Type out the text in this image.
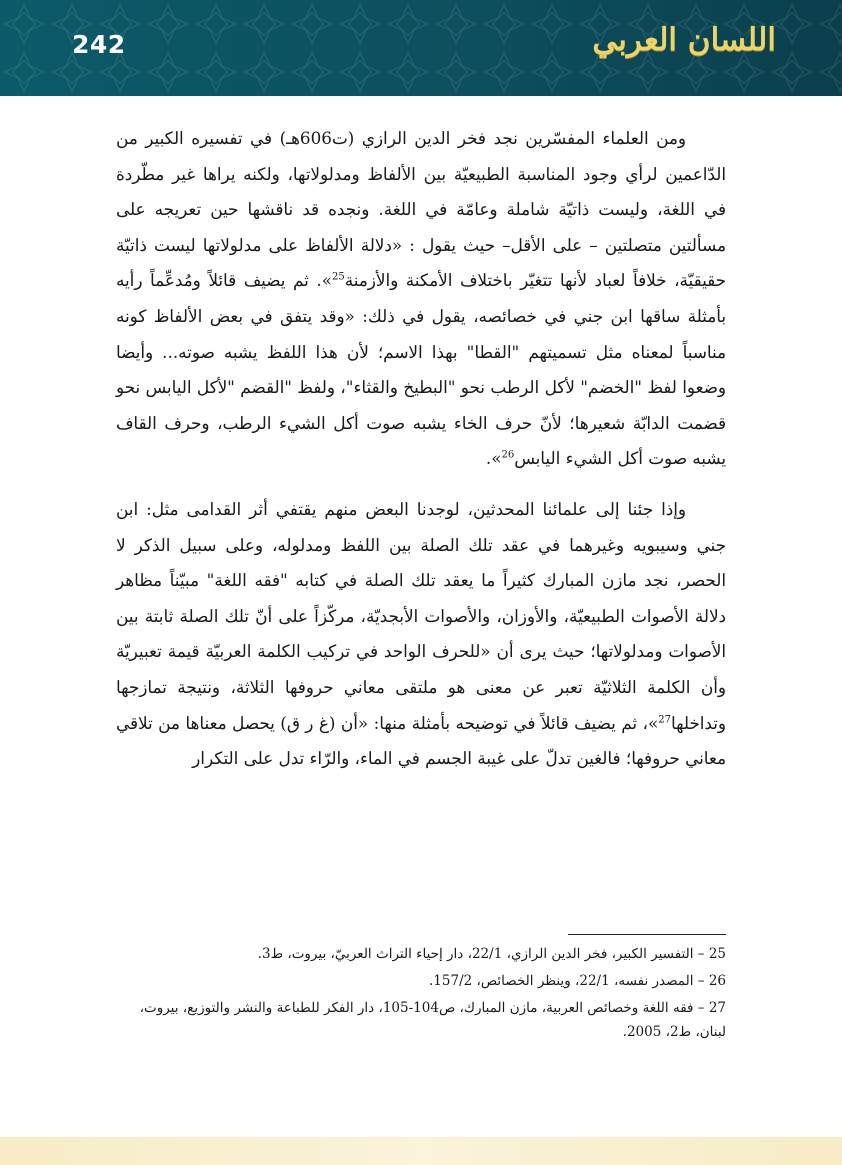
242	اللسان العربي

ومن العلماء المفسّرين نجد فخر الدين الرازي (ت606هـ) في تفسيره الكبير من الدّاعمين لرأي وجود المناسبة الطبيعيّة بين الألفاظ ومدلولاتها، ولكنه يراها غير مطّردة في اللغة، وليست ذاتيّة شاملة وعامّة في اللغة. ونجده قد ناقشها حين تعريجه على مسألتين متصلتين – على الأقل– حيث يقول : «دلالة الألفاظ على مدلولاتها ليست ذاتيّة حقيقيّة، خلافاً لعباد لأنها تتغيّر باختلاف الأمكنة والأزمنة$^{25}$». ثم يضيف قائلاً ومُدعِّماً رأيه بأمثلة ساقها ابن جني في خصائصه، يقول في ذلك: «وقد يتفق في بعض الألفاظ كونه مناسباً لمعناه مثل تسميتهم "القطا" بهذا الاسم؛ لأن هذا اللفظ يشبه صوته... وأيضا وضعوا لفظ "الخضم" لأكل الرطب نحو "البطيخ والقثاء"، ولفظ "القضم "لأكل اليابس نحو قضمت الدابّة شعيرها؛ لأنّ حرف الخاء يشبه صوت أكل الشيء الرطب، وحرف القاف يشبه صوت أكل الشيء اليابس$^{26}$».

وإذا جئنا إلى علمائنا المحدثين، لوجدنا البعض منهم يقتفي أثر القدامى مثل: ابن جني وسيبويه وغيرهما في عقد تلك الصلة بين اللفظ ومدلوله، وعلى سبيل الذكر لا الحصر، نجد مازن المبارك كثيراً ما يعقد تلك الصلة في كتابه "فقه اللغة" مبيّناً مظاهر دلالة الأصوات الطبيعيّة، والأوزان، والأصوات الأبجديّة، مركّزاً على أنّ تلك الصلة ثابتة بين الأصوات ومدلولاتها؛ حيث يرى أن «للحرف الواحد في تركيب الكلمة العربيّة قيمة تعبيريّة وأن الكلمة الثلاثيّة تعبر عن معنى هو ملتقى معاني حروفها الثلاثة، ونتيجة تمازجها وتداخلها$^{27}$»، ثم يضيف قائلاً في توضيحه بأمثلة منها: «أن (غ ر ق) يحصل معناها من تلاقي معاني حروفها؛ فالغين تدلّ على غيبة الجسم في الماء، والرّاء تدل على التكرار

25 – التفسير الكبير، فخر الدين الرازي، 22/1، دار إحياء التراث العربيّ، بيروت، ط3.

26 – المصدر نفسه، 22/1، وينظر الخصائص، 157/2.

27 – فقه اللغة وخصائص العربية، مازن المبارك، ص104-105، دار الفكر للطباعة والنشر والتوزيع، بيروت، لبنان، ط2، 2005.
